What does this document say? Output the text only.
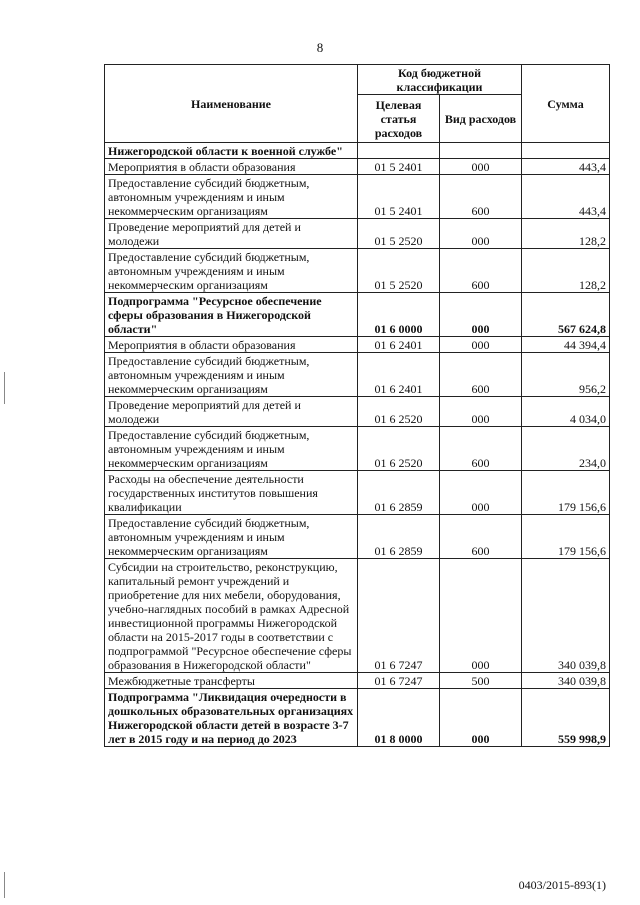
8
Наименование	Код бюджетной классификации		Сумма
	Целевая статья расходов	Вид расходов	
Нижегородской области к военной службе"			
Мероприятия в области образования	01 5 2401	000	443,4
Предоставление субсидий бюджетным, автономным учреждениям и иным некоммерческим организациям	01 5 2401	600	443,4
Проведение мероприятий для детей и молодежи	01 5 2520	000	128,2
Предоставление субсидий бюджетным, автономным учреждениям и иным некоммерческим организациям	01 5 2520	600	128,2
Подпрограмма "Ресурсное обеспечение сферы образования в Нижегородской области"	01 6 0000	000	567 624,8
Мероприятия в области образования	01 6 2401	000	44 394,4
Предоставление субсидий бюджетным, автономным учреждениям и иным некоммерческим организациям	01 6 2401	600	956,2
Проведение мероприятий для детей и молодежи	01 6 2520	000	4 034,0
Предоставление субсидий бюджетным, автономным учреждениям и иным некоммерческим организациям	01 6 2520	600	234,0
Расходы на обеспечение деятельности государственных институтов повышения квалификации	01 6 2859	000	179 156,6
Предоставление субсидий бюджетным, автономным учреждениям и иным некоммерческим организациям	01 6 2859	600	179 156,6
Субсидии на строительство, реконструкцию, капитальный ремонт учреждений и приобретение для них мебели, оборудования, учебно-наглядных пособий в рамках Адресной инвестиционной программы Нижегородской области на 2015-2017 годы в соответствии с подпрограммой "Ресурсное обеспечение сферы образования в Нижегородской области"	01 6 7247	000	340 039,8
Межбюджетные трансферты	01 6 7247	500	340 039,8
Подпрограмма "Ликвидация очередности в дошкольных образовательных организациях Нижегородской области детей в возрасте 3-7 лет в 2015 году и на период до 2023	01 8 0000	000	559 998,9
0403/2015-893(1)
